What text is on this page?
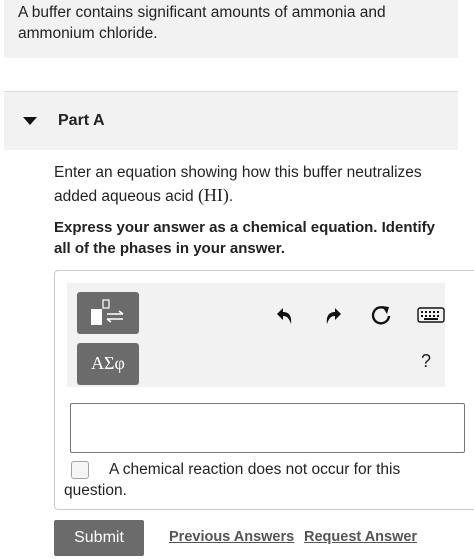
A buffer contains significant amounts of ammonia and ammonium chloride.

Part A

Enter an equation showing how this buffer neutralizes added aqueous acid (HI).

Express your answer as a chemical equation. Identify all of the phases in your answer.

ΑΣφ	?

A chemical reaction does not occur for this
question.

Submit	Previous Answers Request Answer
